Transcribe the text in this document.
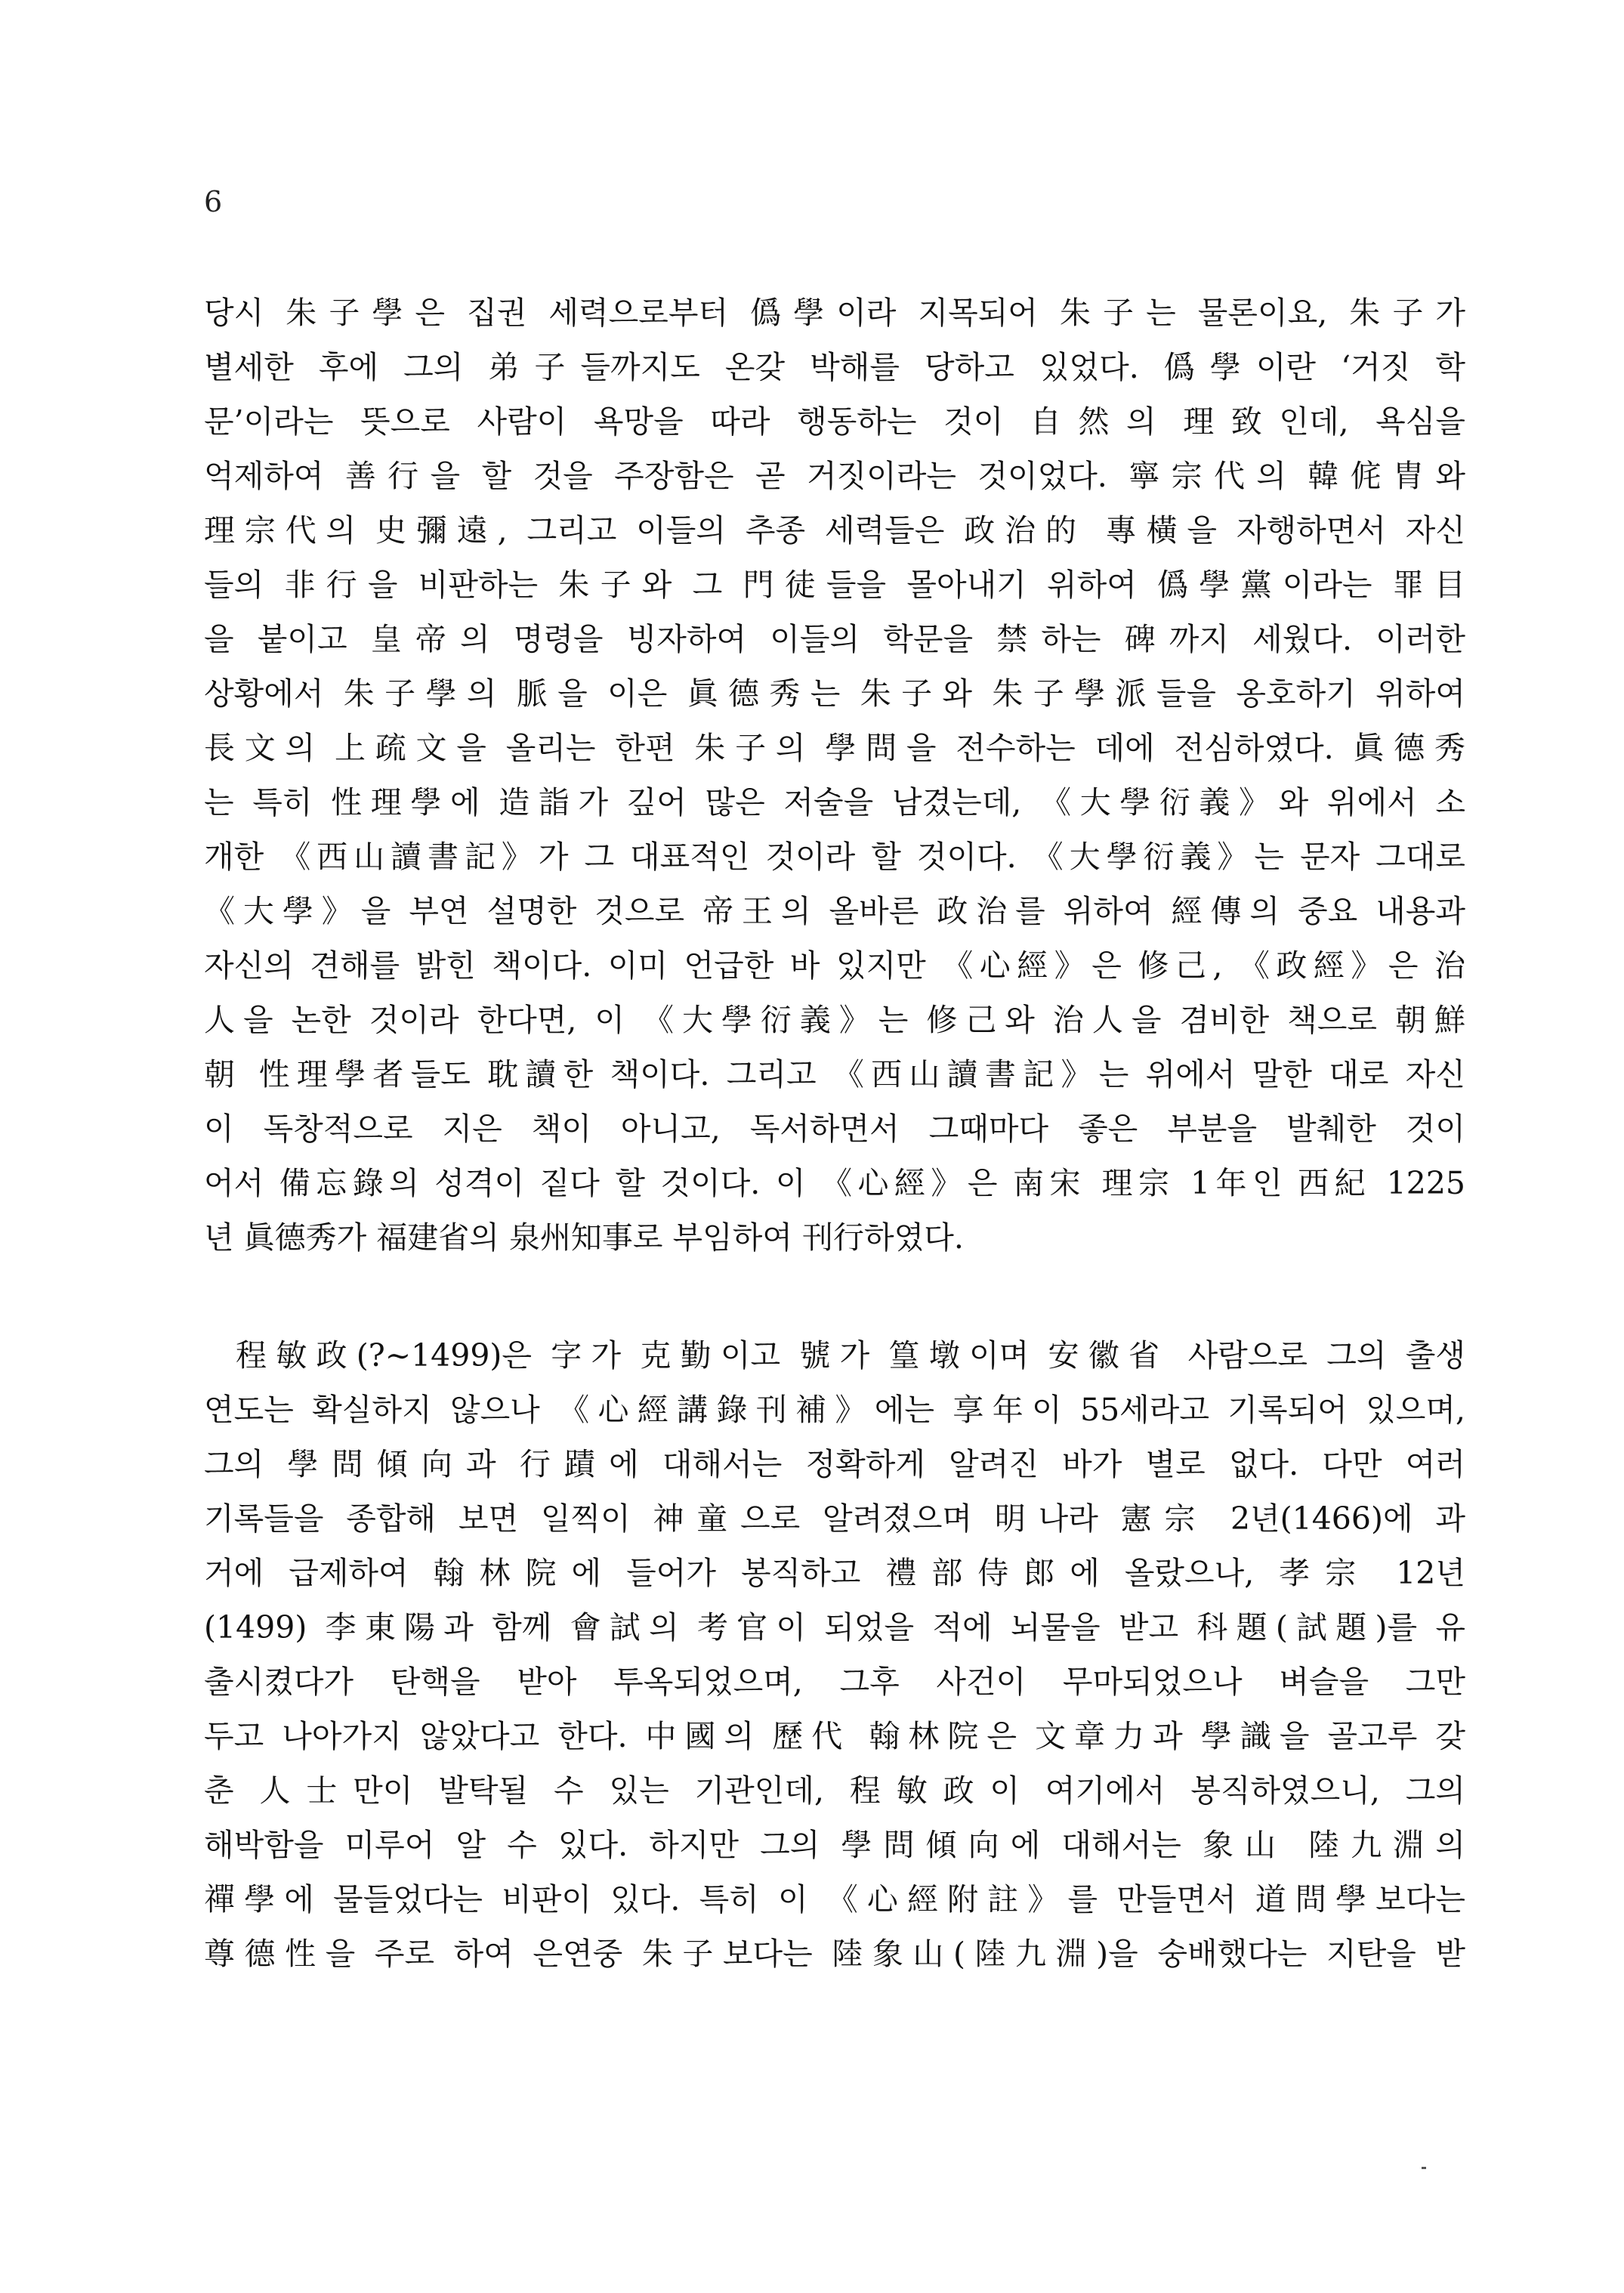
6
당시 朱子學은 집권 세력으로부터 僞學이라 지목되어 朱子는 물론이요, 朱子가
별세한 후에 그의 弟子들까지도 온갖 박해를 당하고 있었다. 僞學이란 ‘거짓 학
문’이라는 뜻으로 사람이 욕망을 따라 행동하는 것이 自然의 理致인데, 욕심을
억제하여 善行을 할 것을 주장함은 곧 거짓이라는 것이었다. 寧宗代의 韓侂胄와
理宗代의 史彌遠, 그리고 이들의 추종 세력들은 政治的 專橫을 자행하면서 자신
들의 非行을 비판하는 朱子와 그 門徒들을 몰아내기 위하여 僞學黨이라는 罪目
을 붙이고 皇帝의 명령을 빙자하여 이들의 학문을 禁하는 碑까지 세웠다. 이러한
상황에서 朱子學의 脈을 이은 眞德秀는 朱子와 朱子學派들을 옹호하기 위하여
長文의 上疏文을 올리는 한편 朱子의 學問을 전수하는 데에 전심하였다. 眞德秀
는 특히 性理學에 造詣가 깊어 많은 저술을 남겼는데, 《大學衍義》와 위에서 소
개한 《西山讀書記》가 그 대표적인 것이라 할 것이다. 《大學衍義》는 문자 그대로
《大學》을 부연 설명한 것으로 帝王의 올바른 政治를 위하여 經傳의 중요 내용과
자신의 견해를 밝힌 책이다. 이미 언급한 바 있지만 《心經》은 修己, 《政經》은 治
人을 논한 것이라 한다면, 이 《大學衍義》는 修己와 治人을 겸비한 책으로 朝鮮
朝 性理學者들도 耽讀한 책이다. 그리고 《西山讀書記》는 위에서 말한 대로 자신
이 독창적으로 지은 책이 아니고, 독서하면서 그때마다 좋은 부분을 발췌한 것이
어서 備忘錄의 성격이 짙다 할 것이다. 이 《心經》은 南宋 理宗 1年인 西紀 1225
년 眞德秀가 福建省의 泉州知事로 부임하여 刊行하였다.
程敏政(?∼1499)은 字가 克勤이고 號가 篁墩이며 安徽省 사람으로 그의 출생
연도는 확실하지 않으나 《心經講錄刊補》에는 享年이 55세라고 기록되어 있으며,
그의 學問傾向과 行蹟에 대해서는 정확하게 알려진 바가 별로 없다. 다만 여러
기록들을 종합해 보면 일찍이 神童으로 알려졌으며 明나라 憲宗 2년(1466)에 과
거에 급제하여 翰林院에 들어가 봉직하고 禮部侍郎에 올랐으나, 孝宗 12년
(1499) 李東陽과 함께 會試의 考官이 되었을 적에 뇌물을 받고 科題(試題)를 유
출시켰다가 탄핵을 받아 투옥되었으며, 그후 사건이 무마되었으나 벼슬을 그만
두고 나아가지 않았다고 한다. 中國의 歷代 翰林院은 文章力과 學識을 골고루 갖
춘 人士만이 발탁될 수 있는 기관인데, 程敏政이 여기에서 봉직하였으니, 그의
해박함을 미루어 알 수 있다. 하지만 그의 學問傾向에 대해서는 象山 陸九淵의
禪學에 물들었다는 비판이 있다. 특히 이 《心經附註》를 만들면서 道問學보다는
尊德性을 주로 하여 은연중 朱子보다는 陸象山(陸九淵)을 숭배했다는 지탄을 받
